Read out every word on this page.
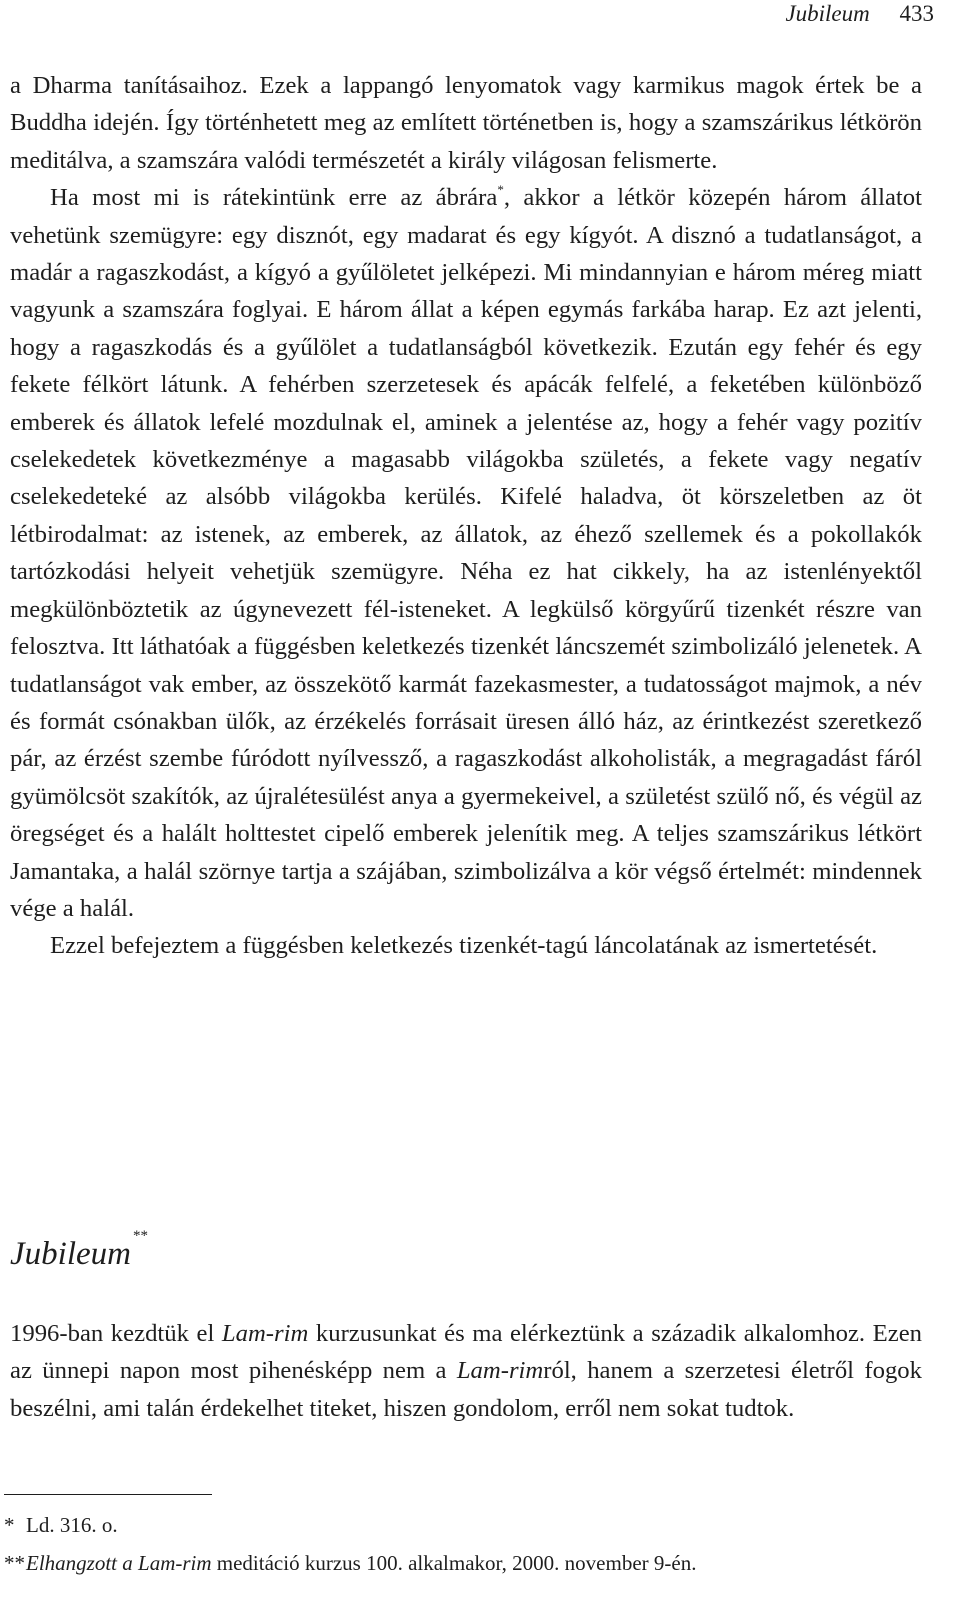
Jubileum 433

a Dharma tanításaihoz. Ezek a lappangó lenyomatok vagy karmikus magok értek be a Buddha idején. Így történhetett meg az említett történetben is, hogy a szamszárikus létkörön meditálva, a szamszára valódi természetét a király világosan felismerte.

Ha most mi is rátekintünk erre az ábrára*, akkor a létkör közepén három állatot vehetünk szemügyre: egy disznót, egy madarat és egy kígyót. A disznó a tudatlanságot, a madár a ragaszkodást, a kígyó a gyűlöletet jelképezi. Mi mindannyian e három méreg miatt vagyunk a szamszára foglyai. E három állat a képen egymás farkába harap. Ez azt jelenti, hogy a ragaszkodás és a gyűlölet a tudatlanságból következik. Ezután egy fehér és egy fekete félkört látunk. A fehérben szerzetesek és apácák felfelé, a feketében különböző emberek és állatok lefelé mozdulnak el, aminek a jelentése az, hogy a fehér vagy pozitív cselekedetek következménye a magasabb világokba születés, a fekete vagy negatív cselekedeteké az alsóbb világokba kerülés. Kifelé haladva, öt körszeletben az öt létbirodalmat: az istenek, az emberek, az állatok, az éhező szellemek és a pokollakók tartózkodási helyeit vehetjük szemügyre. Néha ez hat cikkely, ha az istenlényektől megkülönböztetik az úgynevezett fél-isteneket. A legkülső körgyűrű tizenkét részre van felosztva. Itt láthatóak a függésben keletkezés tizenkét láncszemét szimbolizáló jelenetek. A tudatlanságot vak ember, az összekötő karmát fazekasmester, a tudatosságot majmok, a név és formát csónakban ülők, az érzékelés forrásait üresen álló ház, az érintkezést szeretkező pár, az érzést szembe fúródott nyílvessző, a ragaszkodást alkoholisták, a megragadást fáról gyümölcsöt szakítók, az újralétesülést anya a gyermekeivel, a születést szülő nő, és végül az öregséget és a halált holttestet cipelő emberek jelenítik meg. A teljes szamszárikus létkört Jamantaka, a halál szörnye tartja a szájában, szimbolizálva a kör végső értelmét: mindennek vége a halál.

Ezzel befejeztem a függésben keletkezés tizenkét-tagú láncolatának az ismertetését.

Jubileum **

1996-ban kezdtük el Lam-rim kurzusunkat és ma elérkeztünk a századik alkalomhoz. Ezen az ünnepi napon most pihenésképp nem a Lam-rimról, hanem a szerzetesi életről fogok beszélni, ami talán érdekelhet titeket, hiszen gondolom, erről nem sokat tudtok.

* Ld. 316. o.
**Elhangzott a Lam-rim meditáció kurzus 100. alkalmakor, 2000. november 9-én.
